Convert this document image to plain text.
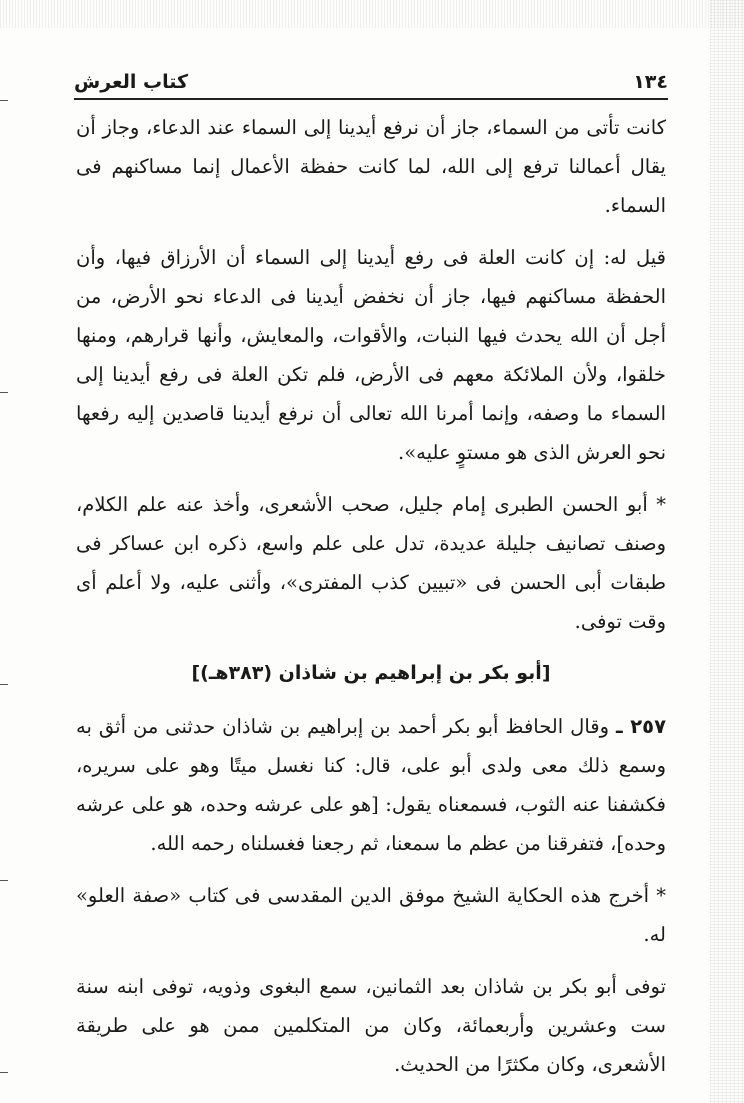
١٣٤
كتاب العرش

كانت تأتى من السماء، جاز أن نرفع أيدينا إلى السماء عند الدعاء، وجاز أن يقال أعمالنا ترفع إلى الله، لما كانت حفظة الأعمال إنما مساكنهم فى السماء.

قيل له: إن كانت العلة فى رفع أيدينا إلى السماء أن الأرزاق فيها، وأن الحفظة مساكنهم فيها، جاز أن نخفض أيدينا فى الدعاء نحو الأرض، من أجل أن الله يحدث فيها النبات، والأقوات، والمعايش، وأنها قرارهم، ومنها خلقوا، ولأن الملائكة معهم فى الأرض، فلم تكن العلة فى رفع أيدينا إلى السماء ما وصفه، وإنما أمرنا الله تعالى أن نرفع أيدينا قاصدين إليه رفعها نحو العرش الذى هو مستوٍ عليه».

* أبو الحسن الطبرى إمام جليل، صحب الأشعرى، وأخذ عنه علم الكلام، وصنف تصانيف جليلة عديدة، تدل على علم واسع، ذكره ابن عساكر فى طبقات أبى الحسن فى «تبيين كذب المفترى»، وأثنى عليه، ولا أعلم أى وقت توفى.

[أبو بكر بن إبراهيم بن شاذان (٣٨٣هـ)]

٢٥٧ ـ وقال الحافظ أبو بكر أحمد بن إبراهيم بن شاذان حدثنى من أثق به وسمع ذلك معى ولدى أبو على، قال: كنا نغسل ميتًا وهو على سريره، فكشفنا عنه الثوب، فسمعناه يقول: [هو على عرشه وحده، هو على عرشه وحده]، فتفرقنا من عظم ما سمعنا، ثم رجعنا فغسلناه رحمه الله.

* أخرج هذه الحكاية الشيخ موفق الدين المقدسى فى كتاب «صفة العلو» له.

توفى أبو بكر بن شاذان بعد الثمانين، سمع البغوى وذويه، توفى ابنه سنة ست وعشرين وأربعمائة، وكان من المتكلمين ممن هو على طريقة الأشعرى، وكان مكثرًا من الحديث.
